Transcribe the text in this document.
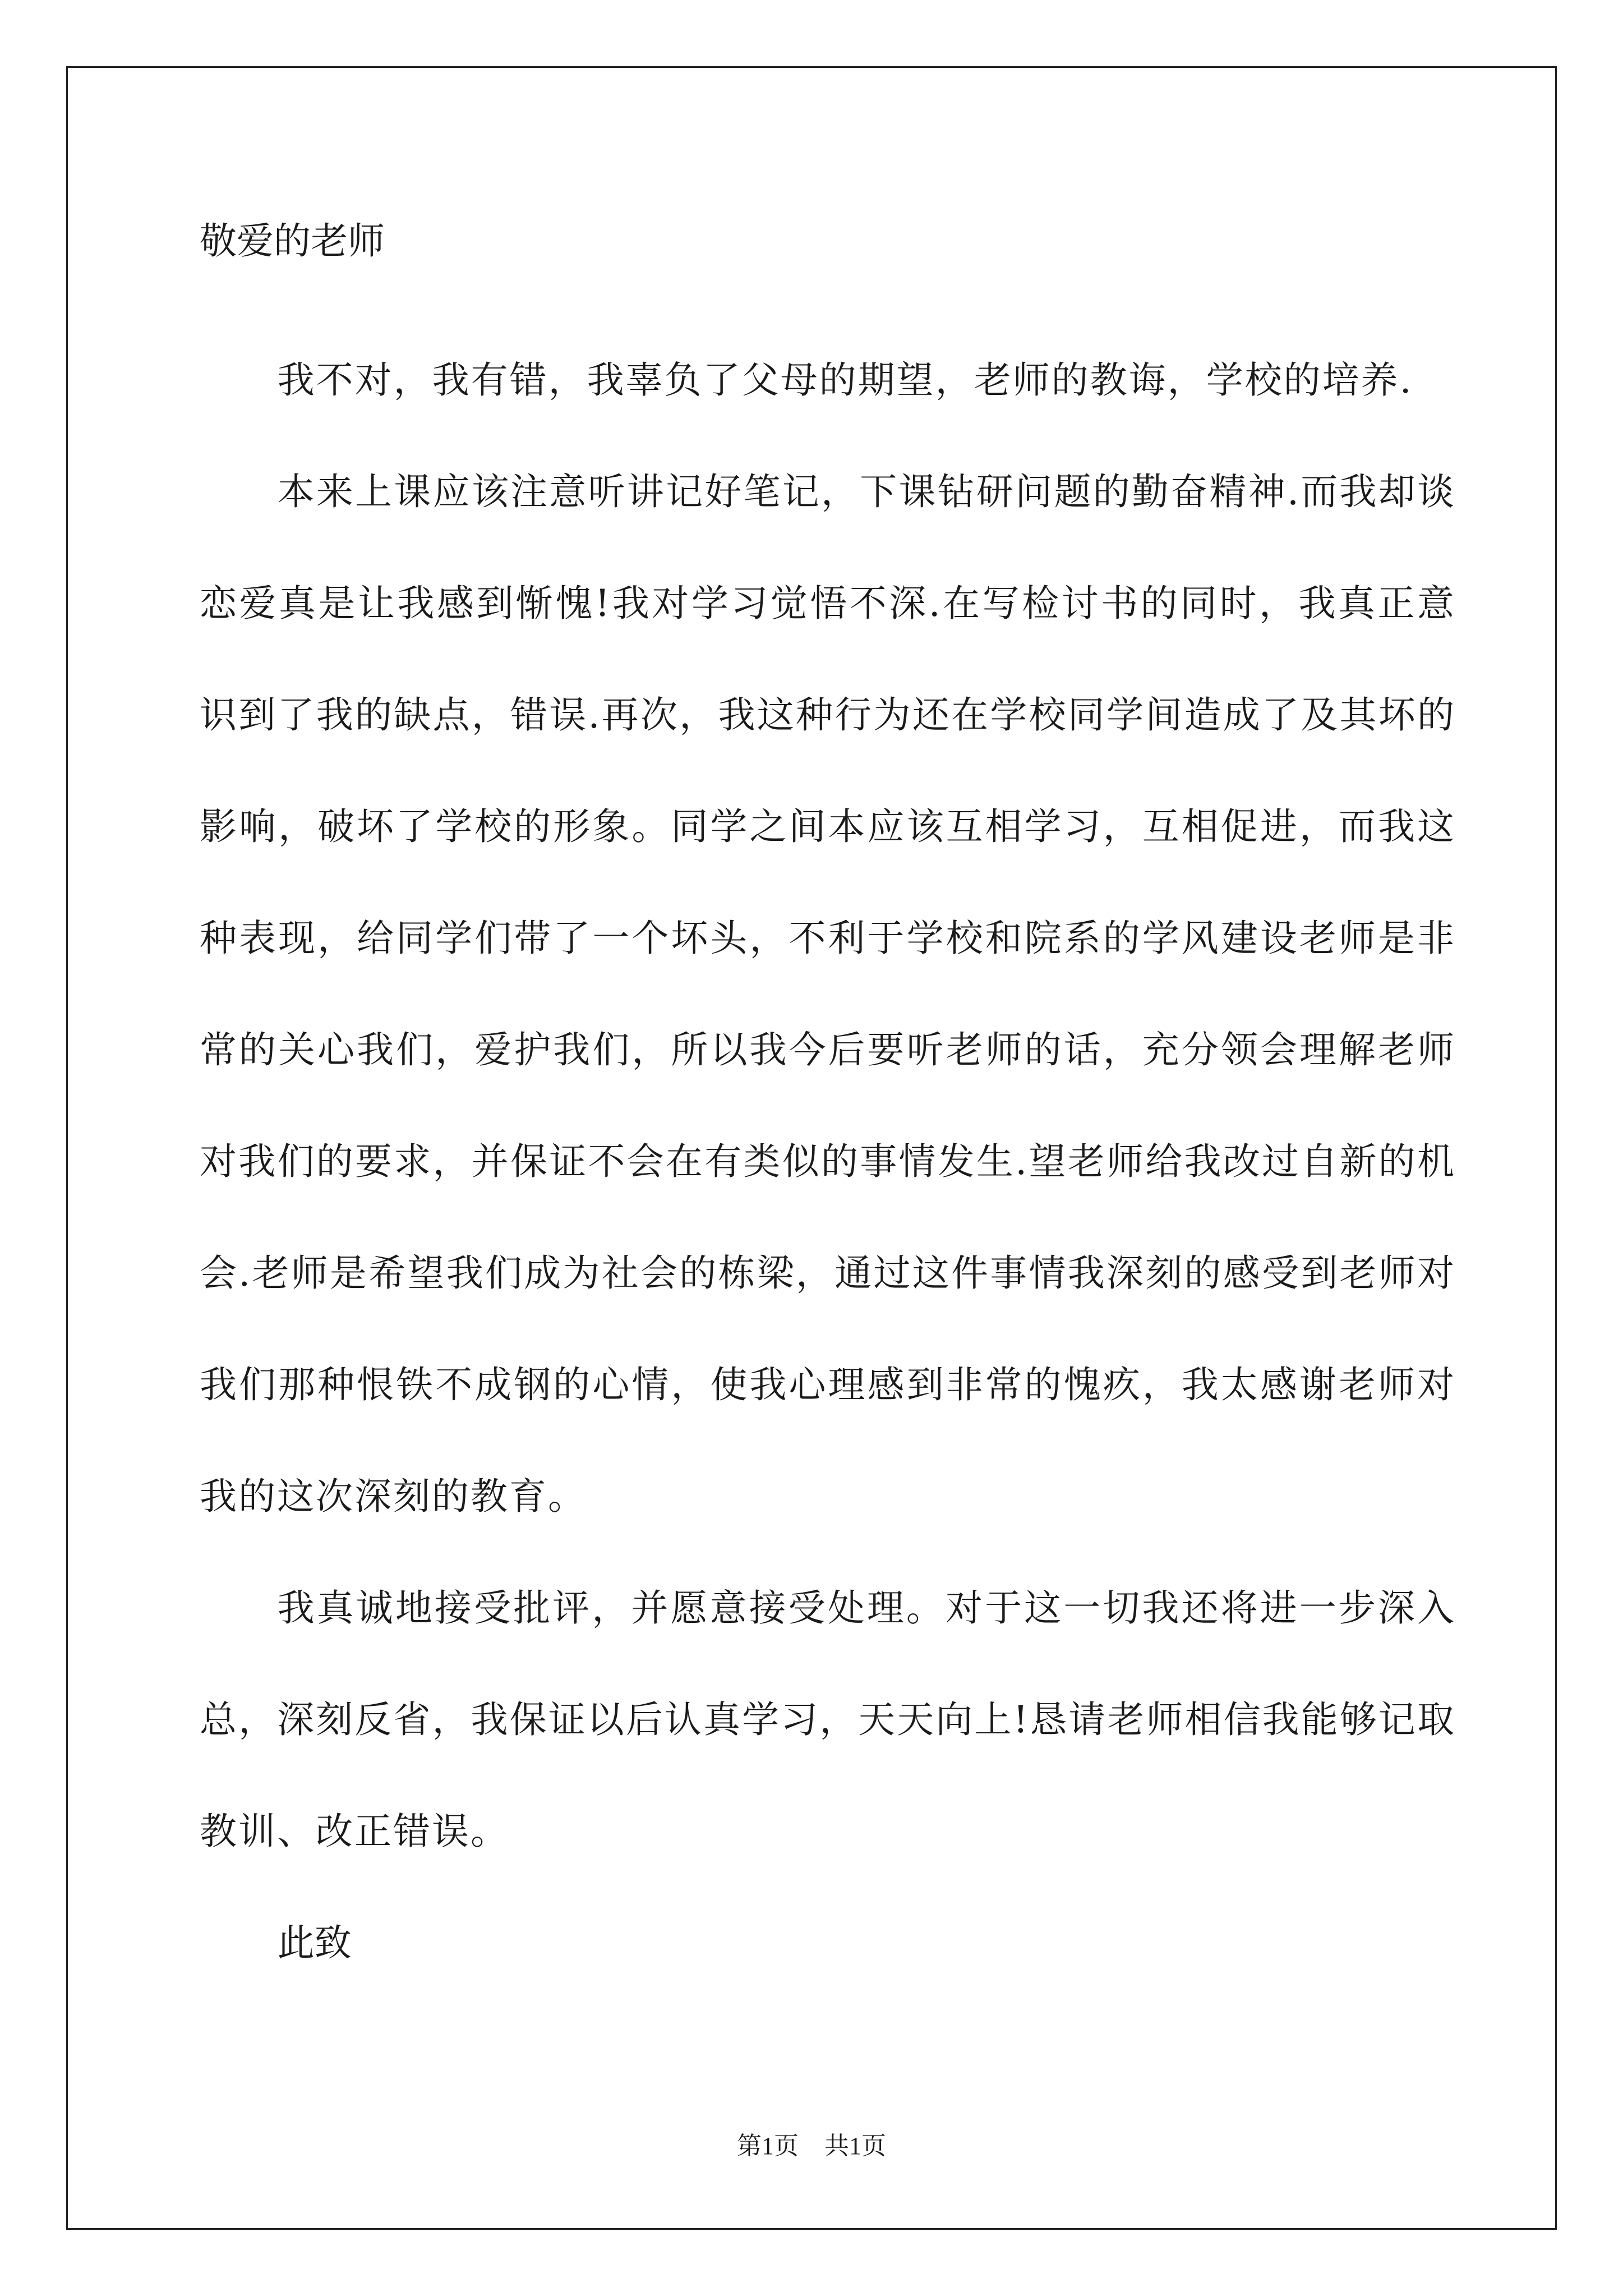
敬爱的老师

我不对，我有错，我辜负了父母的期望，老师的教诲，学校的培养.

本来上课应该注意听讲记好笔记，下课钻研问题的勤奋精神.而我却谈恋爱真是让我感到惭愧!我对学习觉悟不深.在写检讨书的同时，我真正意识到了我的缺点，错误.再次，我这种行为还在学校同学间造成了及其坏的影响，破坏了学校的形象。同学之间本应该互相学习，互相促进，而我这种表现，给同学们带了一个坏头，不利于学校和院系的学风建设老师是非常的关心我们，爱护我们，所以我今后要听老师的话，充分领会理解老师对我们的要求，并保证不会在有类似的事情发生.望老师给我改过自新的机会.老师是希望我们成为社会的栋梁，通过这件事情我深刻的感受到老师对我们那种恨铁不成钢的心情，使我心理感到非常的愧疚，我太感谢老师对我的这次深刻的教育。

我真诚地接受批评，并愿意接受处理。对于这一切我还将进一步深入总，深刻反省，我保证以后认真学习，天天向上!恳请老师相信我能够记取教训、改正错误。

此致

第1页 共1页
